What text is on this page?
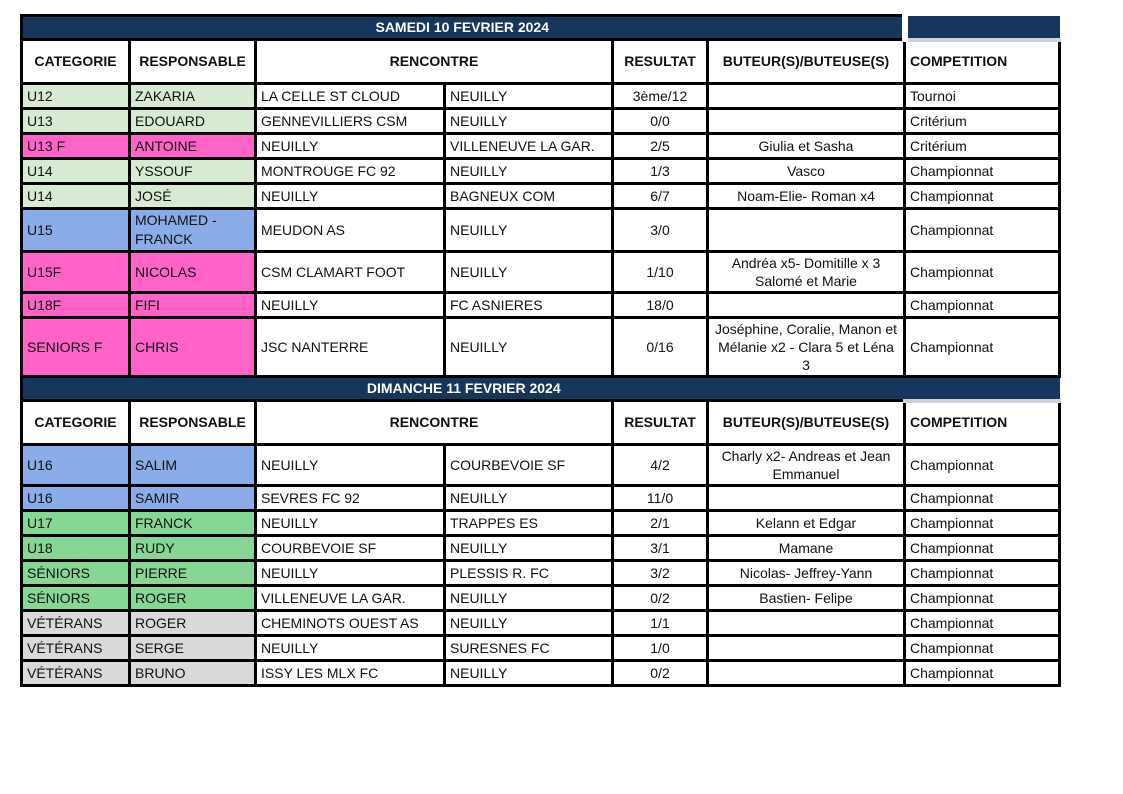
SAMEDI 10 FEVRIER 2024						
CATEGORIE	RESPONSABLE	RENCONTRE		RESULTAT	BUTEUR(S)/BUTEUSE(S)	COMPETITION
U12	ZAKARIA	LA CELLE ST CLOUD	NEUILLY	3ème/12		Tournoi
U13	EDOUARD	GENNEVILLIERS CSM	NEUILLY	0/0		Critérium
U13 F	ANTOINE	NEUILLY	VILLENEUVE LA GAR.	2/5	Giulia et Sasha	Critérium
U14	YSSOUF	MONTROUGE FC 92	NEUILLY	1/3	Vasco	Championnat
U14	JOSÉ	NEUILLY	BAGNEUX COM	6/7	Noam-Elie- Roman x4	Championnat
U15	MOHAMED - FRANCK	MEUDON AS	NEUILLY	3/0		Championnat
U15F	NICOLAS	CSM CLAMART FOOT	NEUILLY	1/10	Andréa x5- Domitille x 3 Salomé et Marie	Championnat
U18F	FIFI	NEUILLY	FC ASNIERES	18/0		Championnat
SENIORS F	CHRIS	JSC NANTERRE	NEUILLY	0/16	Joséphine, Coralie, Manon et Mélanie x2 - Clara 5 et Léna 3	Championnat
DIMANCHE 11 FEVRIER 2024						
CATEGORIE	RESPONSABLE	RENCONTRE		RESULTAT	BUTEUR(S)/BUTEUSE(S)	COMPETITION
U16	SALIM	NEUILLY	COURBEVOIE SF	4/2	Charly x2- Andreas et Jean Emmanuel	Championnat
U16	SAMIR	SEVRES FC 92	NEUILLY	11/0		Championnat
U17	FRANCK	NEUILLY	TRAPPES ES	2/1	Kelann et Edgar	Championnat
U18	RUDY	COURBEVOIE SF	NEUILLY	3/1	Mamane	Championnat
SÉNIORS	PIERRE	NEUILLY	PLESSIS R. FC	3/2	Nicolas- Jeffrey-Yann	Championnat
SÉNIORS	ROGER	VILLENEUVE LA GAR.	NEUILLY	0/2	Bastien- Felipe	Championnat
VÉTÉRANS	ROGER	CHEMINOTS OUEST AS	NEUILLY	1/1		Championnat
VÉTÉRANS	SERGE	NEUILLY	SURESNES FC	1/0		Championnat
VÉTÉRANS	BRUNO	ISSY LES MLX FC	NEUILLY	0/2		Championnat
